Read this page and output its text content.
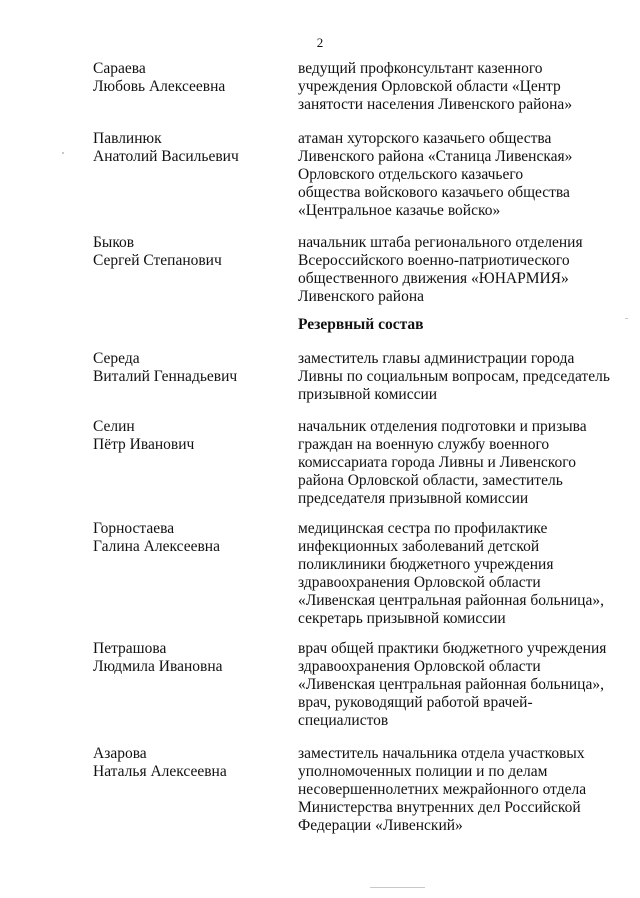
2
Сараева
Любовь Алексеевна
ведущий профконсультант казенного
учреждения Орловской области «Центр
занятости населения Ливенского района»
Павлинюк
Анатолий Васильевич
атаман хуторского казачьего общества
Ливенского района «Станица Ливенская»
Орловского отдельского казачьего
общества войскового казачьего общества
«Центральное казачье войско»
Быков
Сергей Степанович
начальник штаба регионального отделения
Всероссийского военно-патриотического
общественного движения «ЮНАРМИЯ»
Ливенского района
Резервный состав
Середа
Виталий Геннадьевич
заместитель главы администрации города
Ливны по социальным вопросам, председатель
призывной комиссии
Селин
Пётр Иванович
начальник отделения подготовки и призыва
граждан на военную службу военного
комиссариата города Ливны и Ливенского
района Орловской области, заместитель
председателя призывной комиссии
Горностаева
Галина Алексеевна
медицинская сестра по профилактике
инфекционных заболеваний детской
поликлиники бюджетного учреждения
здравоохранения Орловской области
«Ливенская центральная районная больница»,
секретарь призывной комиссии
Петрашова
Людмила Ивановна
врач общей практики бюджетного учреждения
здравоохранения Орловской области
«Ливенская центральная районная больница»,
врач, руководящий работой врачей-
специалистов
Азарова
Наталья Алексеевна
заместитель начальника отдела участковых
уполномоченных полиции и по делам
несовершеннолетних межрайонного отдела
Министерства внутренних дел Российской
Федерации «Ливенский»
